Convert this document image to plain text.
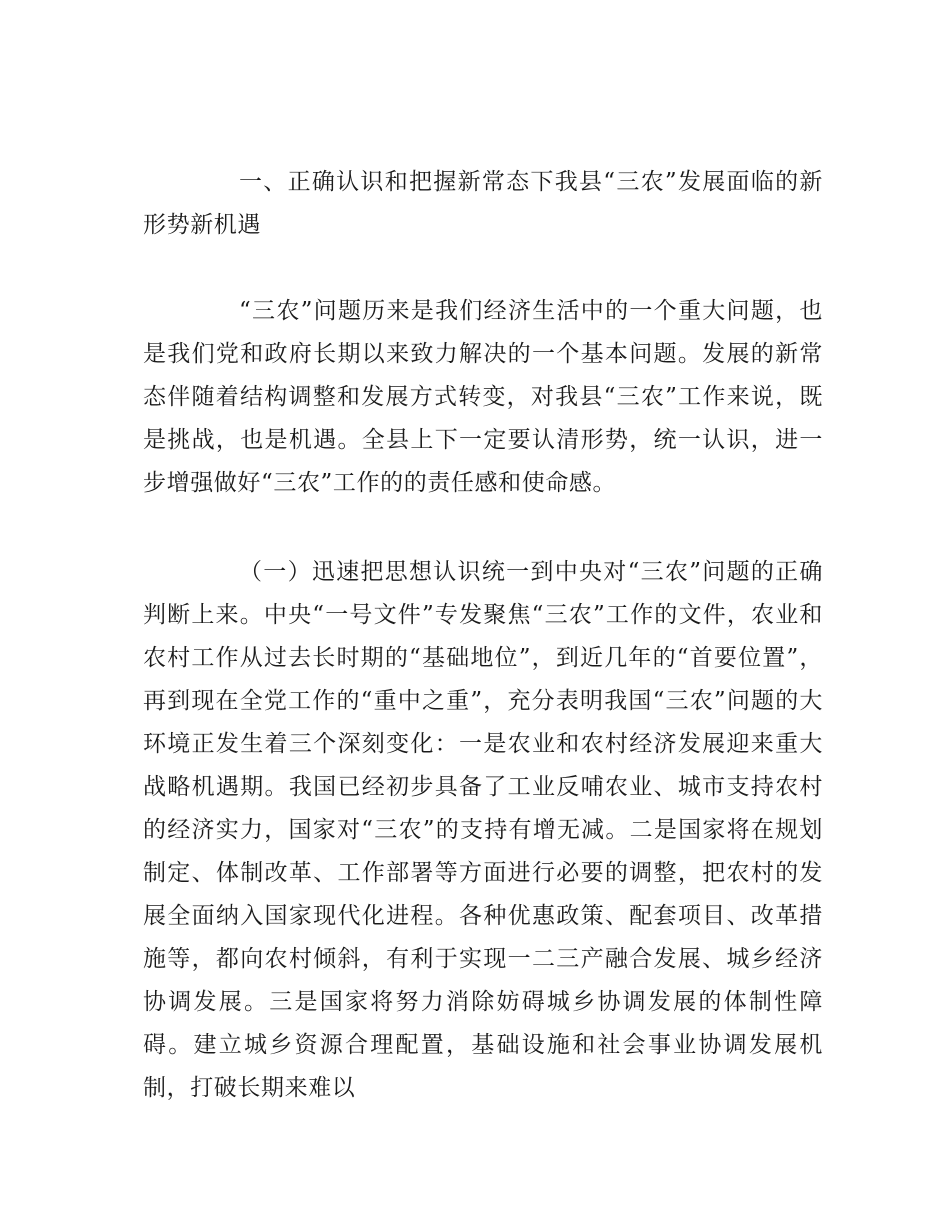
一、正确认识和把握新常态下我县“三农”发展面临的新形势新机遇

“三农”问题历来是我们经济生活中的一个重大问题，也是我们党和政府长期以来致力解决的一个基本问题。发展的新常态伴随着结构调整和发展方式转变，对我县“三农”工作来说，既是挑战，也是机遇。全县上下一定要认清形势，统一认识，进一步增强做好“三农”工作的的责任感和使命感。

（一）迅速把思想认识统一到中央对“三农”问题的正确判断上来。中央“一号文件”专发聚焦“三农”工作的文件，农业和农村工作从过去长时期的“基础地位”，到近几年的“首要位置”，再到现在全党工作的“重中之重”，充分表明我国“三农”问题的大环境正发生着三个深刻变化：一是农业和农村经济发展迎来重大战略机遇期。我国已经初步具备了工业反哺农业、城市支持农村的经济实力，国家对“三农”的支持有增无减。二是国家将在规划制定、体制改革、工作部署等方面进行必要的调整，把农村的发展全面纳入国家现代化进程。各种优惠政策、配套项目、改革措施等，都向农村倾斜，有利于实现一二三产融合发展、城乡经济协调发展。三是国家将努力消除妨碍城乡协调发展的体制性障碍。建立城乡资源合理配置，基础设施和社会事业协调发展机制，打破长期来难以
